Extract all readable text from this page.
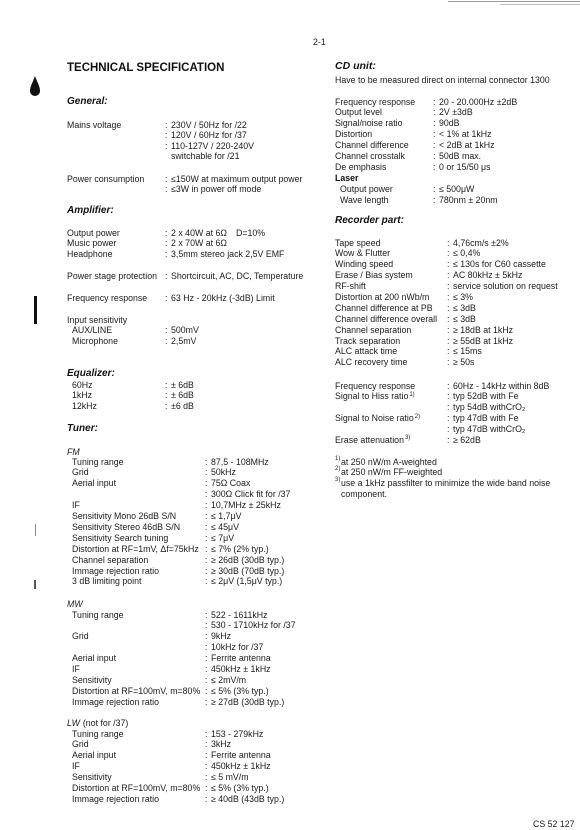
2-1
TECHNICAL SPECIFICATION
General:
Mains voltage	: 230V / 50Hz for /22
: 120V / 60Hz for /37
: 110-127V / 220-240V
switchable for /21
Power consumption : ≤150W at maximum output power
: ≤3W in power off mode
Amplifier:
Output power	: 2 x 40W at 6Ω D=10%
Music power	: 2 x 70W at 6Ω
Headphone	: 3,5mm stereo jack 2,5V EMF
Power stage protection : Shortcircuit, AC, DC, Temperature
Frequency response : 63 Hz - 20kHz (-3dB) Limit
Input sensitivity
AUX/LINE	: 500mV
Microphone	: 2,5mV
Equalizer:
60Hz	: ± 6dB
1kHz	: ± 6dB
12kHz	: ±6 dB
Tuner:
FM
Tuning range	: 87,5 - 108MHz
Grid	: 50kHz
Aerial input	: 75Ω Coax
: 300Ω Click fit for /37
IF	: 10,7MHz ± 25kHz
Sensitivity Mono 26dB S/N	: ≤ 1,7μV
Sensitivity Stereo 46dB S/N	: ≤ 45μV
Sensitivity Search tuning	: ≤ 7μV
Distortion at RF=1mV, Δf=75kHz : ≤ 7% (2% typ.)
Channel separation	: ≥ 26dB (30dB typ.)
Immage rejection ratio	: ≥ 30dB (70dB typ.)
3 dB limiting point	: ≤ 2μV (1,5μV typ.)
MW
Tuning range	: 522 - 1611kHz
: 530 - 1710kHz for /37
Grid	: 9kHz
: 10kHz for /37
Aerial input	: Ferrite antenna
IF	: 450kHz ± 1kHz
Sensitivity	: ≤ 2mV/m
Distortion at RF=100mV, m=80% : ≤ 5% (3% typ.)
Immage rejection ratio	: ≥ 27dB (30dB typ.)
LW (not for /37)
Tuning range	: 153 - 279kHz
Grid	: 3kHz
Aerial input	: Ferrite antenna
IF	: 450kHz ± 1kHz
Sensitivity	: ≤ 5 mV/m
Distortion at RF=100mV, m=80% : ≤ 5% (3% typ.)
Immage rejection ratio	: ≥ 40dB (43dB typ.)
CD unit:
Have to be measured direct on internal connector 1300
Frequency response : 20 - 20.000Hz ±2dB
Output level	: 2V ±3dB
Signal/noise ratio	: 90dB
Distortion	: < 1% at 1kHz
Channel difference	: < 2dB at 1kHz
Channel crosstalk	: 50dB max.
De emphasis	: 0 or 15/50 μs
Laser
Output power	: ≤ 500μW
Wave length	: 780nm ± 20nm
Recorder part:
Tape speed	: 4,76cm/s ±2%
Wow & Flutter	: ≤ 0,4%
Winding speed	: ≤ 130s for C60 cassette
Erase / Bias system	: AC 80kHz ± 5kHz
RF-shift	: service solution on request
Distortion at 200 nWb/m : ≤ 3%
Channel difference at PB : ≤ 3dB
Channel difference overall : ≤ 3dB
Channel separation	: ≥ 18dB at 1kHz
Track separation	: ≥ 55dB at 1kHz
ALC attack time	: ≤ 15ms
ALC recovery time	: ≥ 50s
Frequency response	: 60Hz - 14kHz within 8dB
Signal to Hiss ratio$^{1)}$	: typ 52dB with Fe
: typ 54dB withCrO₂
Signal to Noise ratio$^{2)}$	: typ 47dB with Fe
: typ 47dB withCrO₂
Erase attenuation$^{3)}$	: ≥ 62dB
1) at 250 nW/m A-weighted
2) at 250 nW/m FF-weighted
3) use a 1kHz passfilter to minimize the wide band noise
component.
CS 52 127
